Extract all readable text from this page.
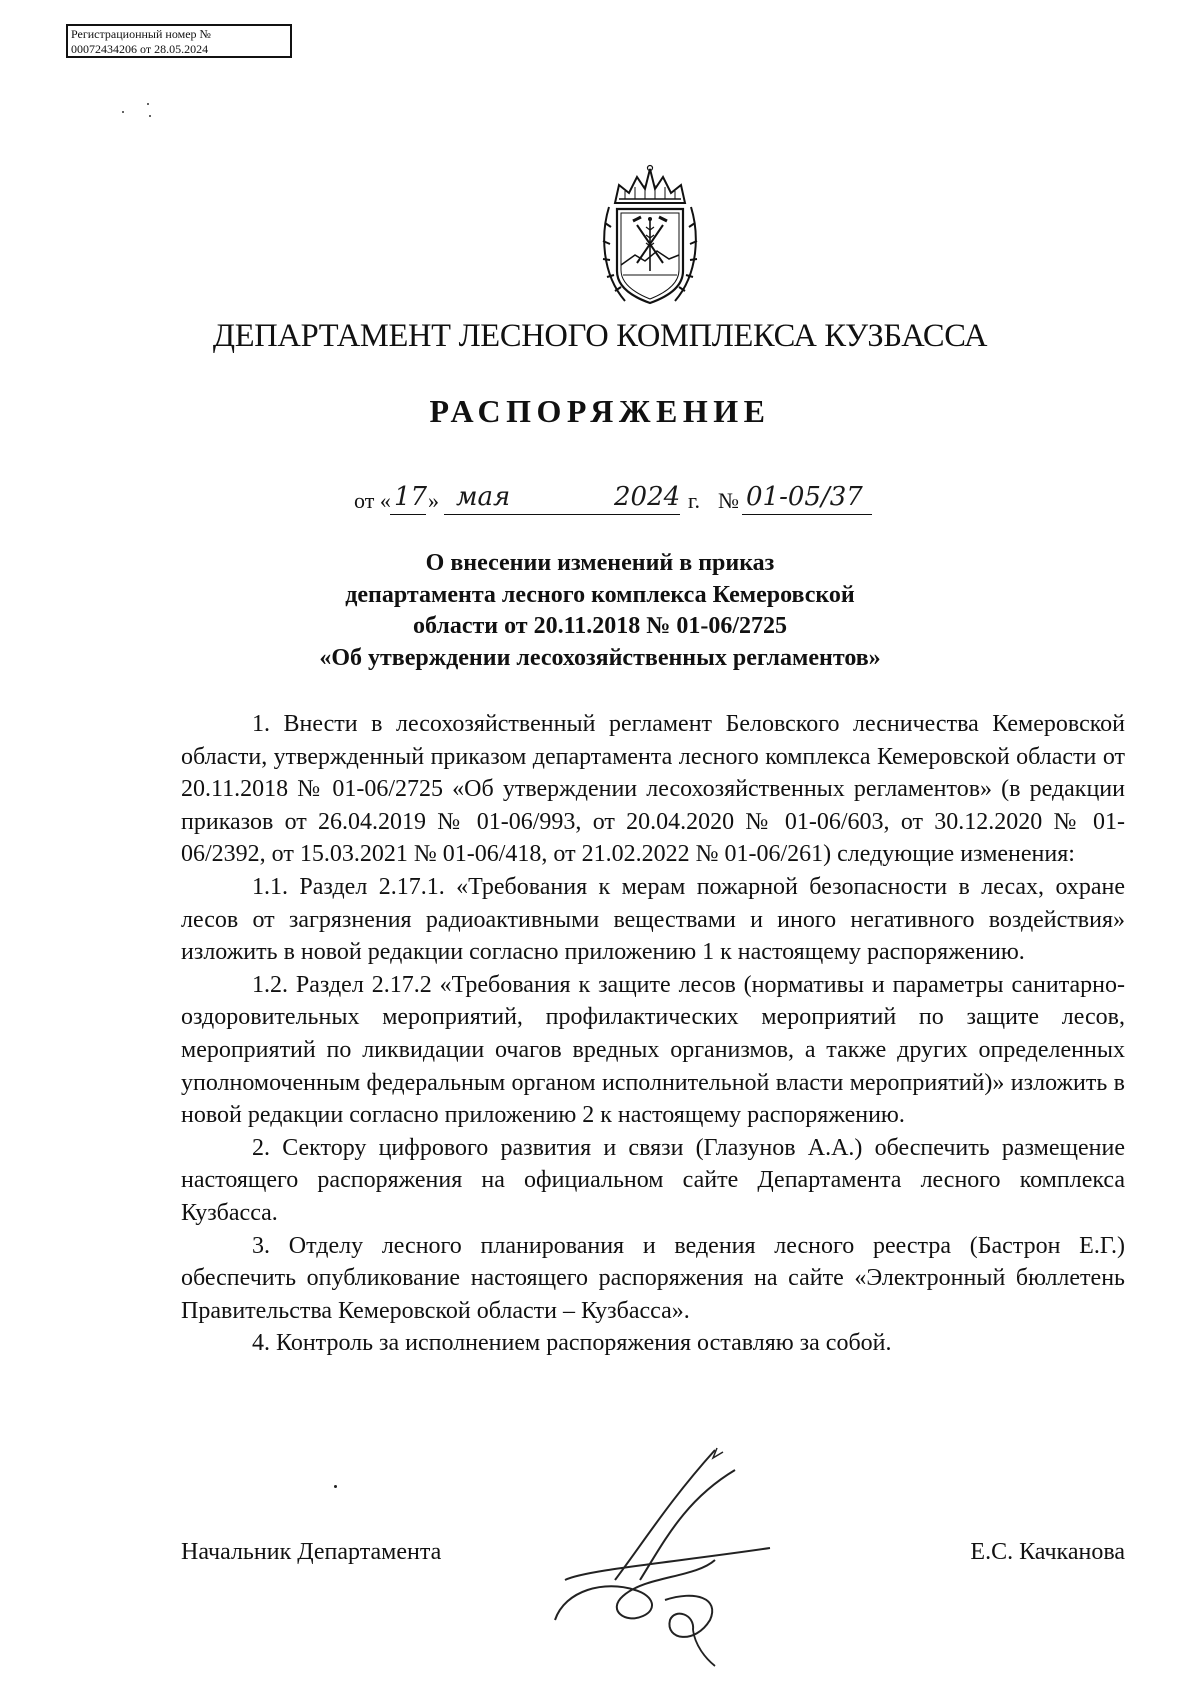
Регистрационный номер №
00072434206 от 28.05.2024
ДЕПАРТАМЕНТ ЛЕСНОГО КОМПЛЕКСА КУЗБАССА
РАСПОРЯЖЕНИЕ
от « 17 » мая	2024 г. № 01-05/37
О внесении изменений в приказ
департамента лесного комплекса Кемеровской
области от 20.11.2018 № 01-06/2725
«Об утверждении лесохозяйственных регламентов»

1. Внести в лесохозяйственный регламент Беловского лесничества Кемеровской области, утвержденный приказом департамента лесного комплекса Кемеровской области от 20.11.2018 № 01-06/2725 «Об утверждении лесохозяйственных регламентов» (в редакции приказов от 26.04.2019 № 01-06/993, от 20.04.2020 № 01-06/603, от 30.12.2020 № 01-06/2392, от 15.03.2021 № 01-06/418, от 21.02.2022 № 01-06/261) следующие изменения:

1.1. Раздел 2.17.1. «Требования к мерам пожарной безопасности в лесах, охране лесов от загрязнения радиоактивными веществами и иного негативного воздействия» изложить в новой редакции согласно приложению 1 к настоящему распоряжению.

1.2. Раздел 2.17.2 «Требования к защите лесов (нормативы и параметры санитарно-оздоровительных мероприятий, профилактических мероприятий по защите лесов, мероприятий по ликвидации очагов вредных организмов, а также других определенных уполномоченным федеральным органом исполнительной власти мероприятий)» изложить в новой редакции согласно приложению 2 к настоящему распоряжению.

2. Сектору цифрового развития и связи (Глазунов А.А.) обеспечить размещение настоящего распоряжения на официальном сайте Департамента лесного комплекса Кузбасса.

3. Отделу лесного планирования и ведения лесного реестра (Бастрон Е.Г.) обеспечить опубликование настоящего распоряжения на сайте «Электронный бюллетень Правительства Кемеровской области – Кузбасса».

4. Контроль за исполнением распоряжения оставляю за собой.

Начальник Департамента	Е.С. Качканова
